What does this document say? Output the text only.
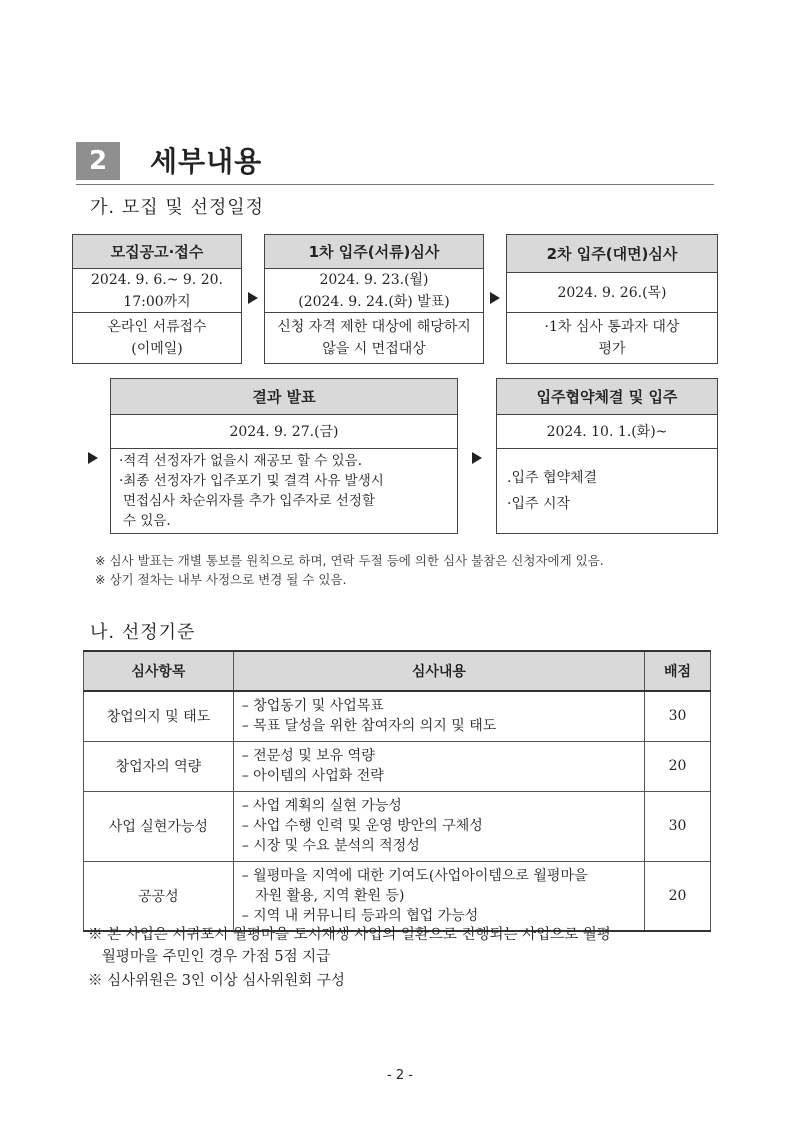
2	세부내용
가. 모집 및 선정일정
모집공고·접수
2024. 9. 6.~ 9. 20.
17:00까지
온라인 서류접수
(이메일)
1차 입주(서류)심사
2024. 9. 23.(월)
(2024. 9. 24.(화) 발표)
신청 자격 제한 대상에 해당하지
않을 시 면접대상
2차 입주(대면)심사
2024. 9. 26.(목)
·1차 심사 통과자 대상
평가
결과 발표
2024. 9. 27.(금)
·적격 선정자가 없을시 재공모 할 수 있음.
·최종 선정자가 입주포기 및 결격 사유 발생시
면접심사 차순위자를 추가 입주자로 선정할
수 있음.
입주협약체결 및 입주
2024. 10. 1.(화)~
.입주 협약체결
·입주 시작
※ 심사 발표는 개별 통보를 원칙으로 하며, 연락 두절 등에 의한 심사 불참은 신청자에게 있음.
※ 상기 절차는 내부 사정으로 변경 될 수 있음.
나. 선정기준
심사항목	심사내용	배점
창업의지 및 태도	– 창업동기 및 사업목표
– 목표 달성을 위한 참여자의 의지 및 태도	30
창업자의 역량	– 전문성 및 보유 역량
– 아이템의 사업화 전략	20
사업 실현가능성	– 사업 계획의 실현 가능성
– 사업 수행 인력 및 운영 방안의 구체성
– 시장 및 수요 분석의 적정성	30
공공성	– 월평마을 지역에 대한 기여도(사업아이템으로 월평마을
자원 활용, 지역 환원 등)
– 지역 내 커뮤니티 등과의 협업 가능성	20
※ 본 사업은 서귀포시 월평마을 도시재생 사업의 일환으로 진행되는 사업으로 월평
월평마을 주민인 경우 가점 5점 지급
※ 심사위원은 3인 이상 심사위원회 구성
- 2 -
